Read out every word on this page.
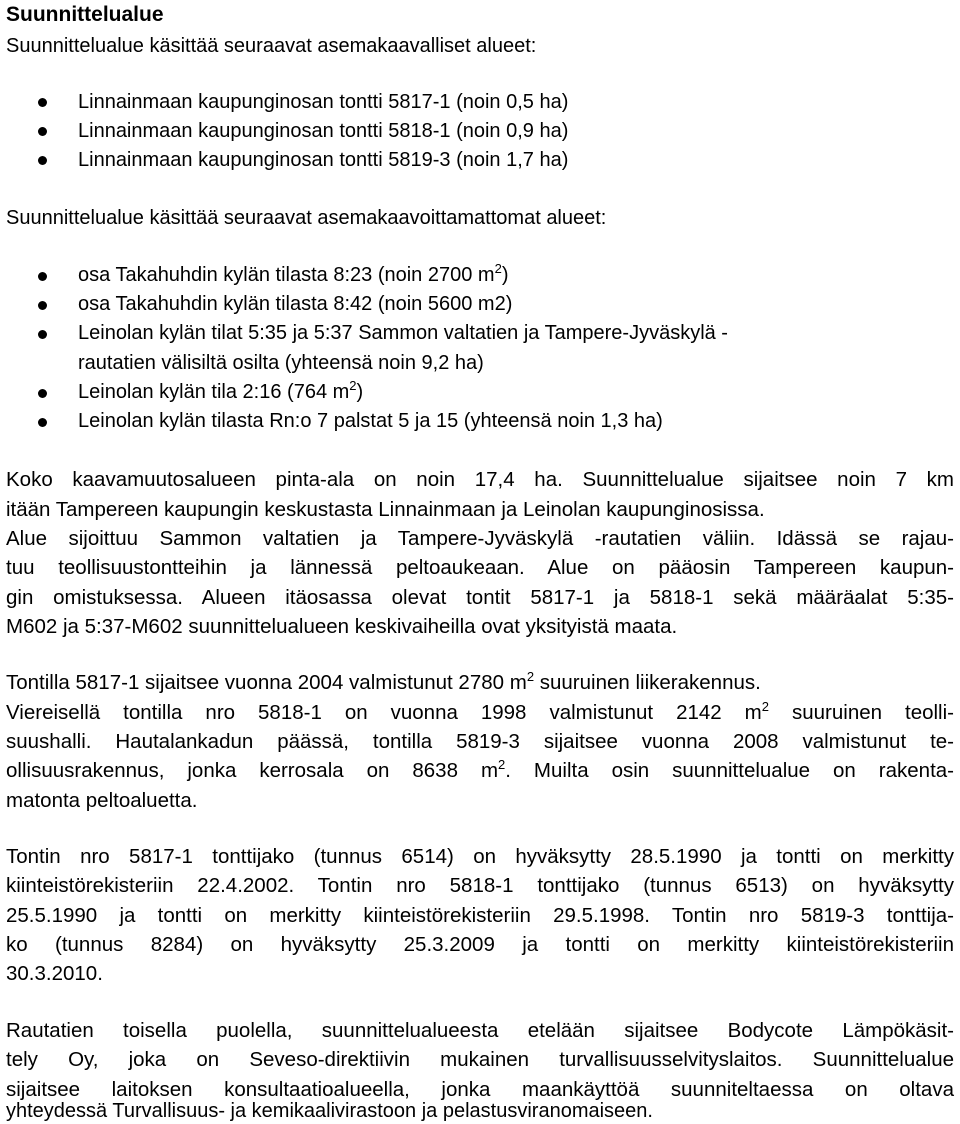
Suunnittelualue
Suunnittelualue käsittää seuraavat asemakaavalliset alueet:
Linnainmaan kaupunginosan tontti 5817-1 (noin 0,5 ha)
Linnainmaan kaupunginosan tontti 5818-1 (noin 0,9 ha)
Linnainmaan kaupunginosan tontti 5819-3 (noin 1,7 ha)
Suunnittelualue käsittää seuraavat asemakaavoittamattomat alueet:
osa Takahuhdin kylän tilasta 8:23 (noin 2700 $m^2$)
osa Takahuhdin kylän tilasta 8:42 (noin 5600 m2)
Leinolan kylän tilat 5:35 ja 5:37 Sammon valtatien ja Tampere-Jyväskylä -
rautatien välisiltä osilta (yhteensä noin 9,2 ha)
Leinolan kylän tila 2:16 (764 $m^2$)
Leinolan kylän tilasta Rn:o 7 palstat 5 ja 15 (yhteensä noin 1,3 ha)
Koko kaavamuutosalueen pinta-ala on noin 17,4 ha. Suunnittelualue sijaitsee noin 7 km
itään Tampereen kaupungin keskustasta Linnainmaan ja Leinolan kaupunginosissa.
Alue sijoittuu Sammon valtatien ja Tampere-Jyväskylä -rautatien väliin. Idässä se rajau-
tuu teollisuustontteihin ja lännessä peltoaukeaan. Alue on pääosin Tampereen kaupun-
gin omistuksessa. Alueen itäosassa olevat tontit 5817-1 ja 5818-1 sekä määräalat 5:35-
M602 ja 5:37-M602 suunnittelualueen keskivaiheilla ovat yksityistä maata.
Tontilla 5817-1 sijaitsee vuonna 2004 valmistunut 2780 $m^2$ suuruinen liikerakennus.
Viereisellä tontilla nro 5818-1 on vuonna 1998 valmistunut 2142 $m^2$ suuruinen teolli-
suushalli. Hautalankadun päässä, tontilla 5819-3 sijaitsee vuonna 2008 valmistunut te-
ollisuusrakennus, jonka kerrosala on 8638 $m^2$. Muilta osin suunnittelualue on rakenta-
matonta peltoaluetta.
Tontin nro 5817-1 tonttijako (tunnus 6514) on hyväksytty 28.5.1990 ja tontti on merkitty
kiinteistörekisteriin 22.4.2002. Tontin nro 5818-1 tonttijako (tunnus 6513) on hyväksytty
25.5.1990 ja tontti on merkitty kiinteistörekisteriin 29.5.1998. Tontin nro 5819-3 tonttija-
ko (tunnus 8284) on hyväksytty 25.3.2009 ja tontti on merkitty kiinteistörekisteriin
30.3.2010.
Rautatien toisella puolella, suunnittelualueesta etelään sijaitsee Bodycote Lämpökäsit-
tely Oy, joka on Seveso-direktiivin mukainen turvallisuusselvityslaitos. Suunnittelualue
sijaitsee laitoksen konsultaatioalueella, jonka maankäyttöä suunniteltaessa on oltava
yhteydessä Turvallisuus- ja kemikaalivirastoon ja pelastusviranomaiseen.
